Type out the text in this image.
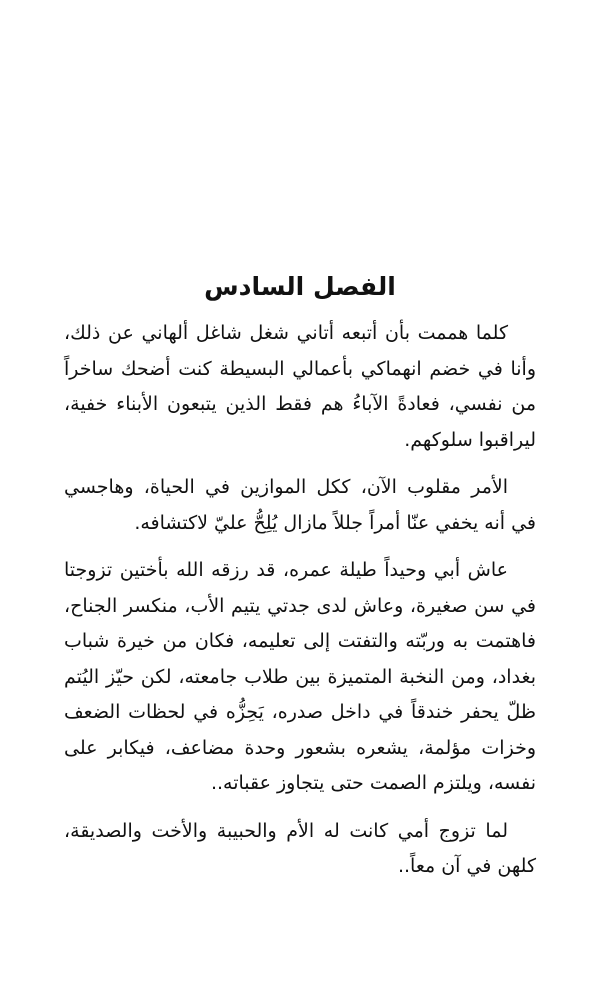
الفصل السادس

كلما هممت بأن أتبعه أتاني شغل شاغل ألهاني عن ذلك، وأنا في خضم انهماكي بأعمالي البسيطة كنت أضحك ساخراً من نفسي، فعادةً الآباءُ هم فقط الذين يتبعون الأبناء خفية، ليراقبوا سلوكهم.

الأمر مقلوب الآن، ككل الموازين في الحياة، وهاجسي في أنه يخفي عنّا أمراً جللاً مازال يُلِحُّ عليّ لاكتشافه.

عاش أبي وحيداً طيلة عمره، قد رزقه الله بأختين تزوجتا في سن صغيرة، وعاش لدى جدتي يتيم الأب، منكسر الجناح، فاهتمت به وربّته والتفتت إلى تعليمه، فكان من خيرة شباب بغداد، ومن النخبة المتميزة بين طلاب جامعته، لكن حيّز اليُتم ظلّ يحفر خندقاً في داخل صدره، يَحِزُّه في لحظات الضعف وخزات مؤلمة، يشعره بشعور وحدة مضاعف، فيكابر على نفسه، ويلتزم الصمت حتى يتجاوز عقباته..

لما تزوج أمي كانت له الأم والحبيبة والأخت والصديقة، كلهن في آن معاً..
